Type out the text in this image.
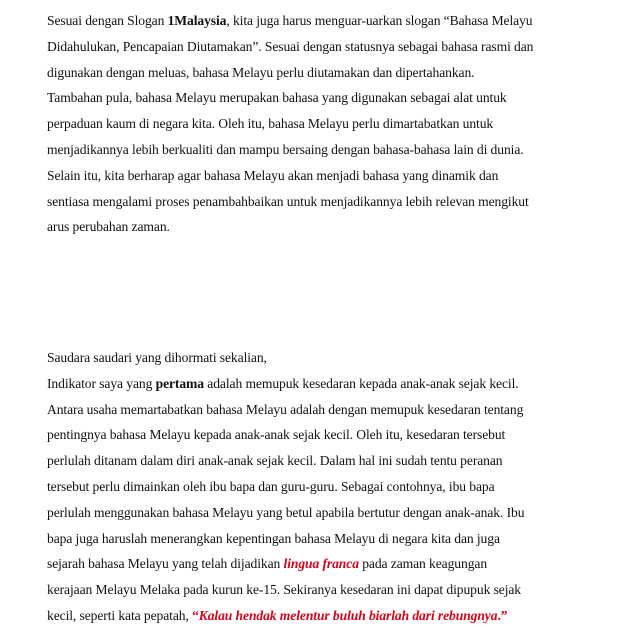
Sesuai dengan Slogan 1Malaysia, kita juga harus menguar-uarkan slogan “Bahasa Melayu
Didahulukan, Pencapaian Diutamakan”. Sesuai dengan statusnya sebagai bahasa rasmi dan
digunakan dengan meluas, bahasa Melayu perlu diutamakan dan dipertahankan.
Tambahan pula, bahasa Melayu merupakan bahasa yang digunakan sebagai alat untuk
perpaduan kaum di negara kita. Oleh itu, bahasa Melayu perlu dimartabatkan untuk
menjadikannya lebih berkualiti dan mampu bersaing dengan bahasa-bahasa lain di dunia.
Selain itu, kita berharap agar bahasa Melayu akan menjadi bahasa yang dinamik dan
sentiasa mengalami proses penambahbaikan untuk menjadikannya lebih relevan mengikut
arus perubahan zaman.
Saudara saudari yang dihormati sekalian,
Indikator saya yang pertama adalah memupuk kesedaran kepada anak-anak sejak kecil.
Antara usaha memartabatkan bahasa Melayu adalah dengan memupuk kesedaran tentang
pentingnya bahasa Melayu kepada anak-anak sejak kecil. Oleh itu, kesedaran tersebut
perlulah ditanam dalam diri anak-anak sejak kecil. Dalam hal ini sudah tentu peranan
tersebut perlu dimainkan oleh ibu bapa dan guru-guru. Sebagai contohnya, ibu bapa
perlulah menggunakan bahasa Melayu yang betul apabila bertutur dengan anak-anak. Ibu
bapa juga haruslah menerangkan kepentingan bahasa Melayu di negara kita dan juga
sejarah bahasa Melayu yang telah dijadikan lingua franca pada zaman keagungan
kerajaan Melayu Melaka pada kurun ke-15. Sekiranya kesedaran ini dapat dipupuk sejak
kecil, seperti kata pepatah, “Kalau hendak melentur buluh biarlah dari rebungnya.”
